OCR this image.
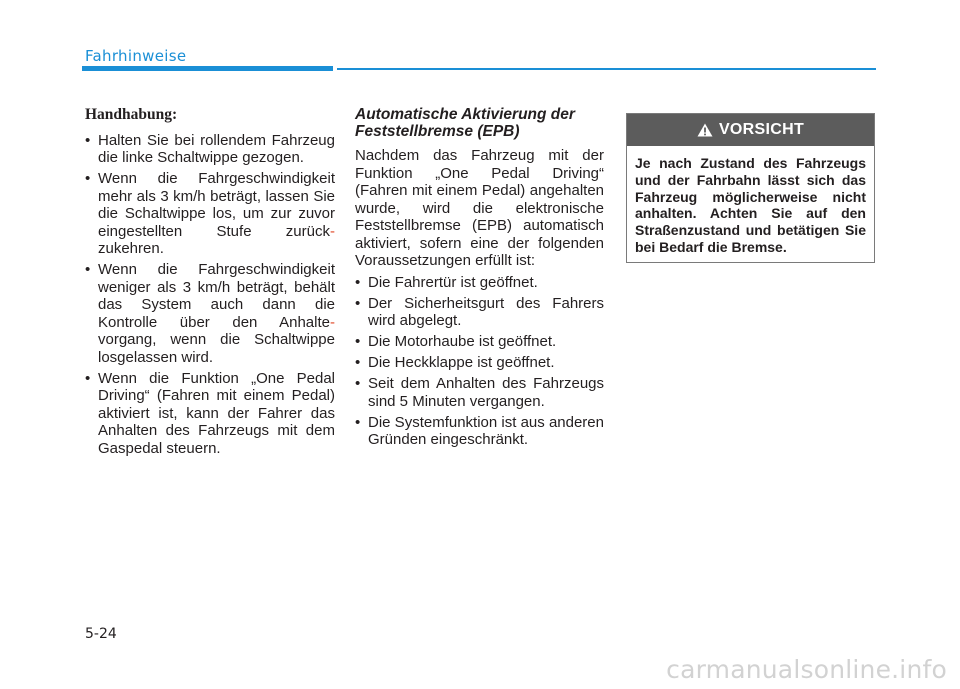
Fahrhinweise
Handhabung:
• Halten Sie bei rollendem Fahrzeug die linke Schaltwippe gezogen.
• Wenn die Fahrgeschwindigkeit mehr als 3 km/h beträgt, lassen Sie die Schaltwippe los, um zur zuvor eingestellten Stufe zurück- zukehren.
• Wenn die Fahrgeschwindigkeit weniger als 3 km/h beträgt, behält das System auch dann die Kontrolle über den Anhalte- vorgang, wenn die Schaltwippe losgelassen wird.
• Wenn die Funktion „One Pedal Driving“ (Fahren mit einem Pedal) aktiviert ist, kann der Fahrer das Anhalten des Fahrzeugs mit dem Gaspedal steuern.
Automatische Aktivierung der Feststellbremse (EPB)

Nachdem das Fahrzeug mit der Funktion „One Pedal Driving“ (Fahren mit einem Pedal) angehalten wurde, wird die elektronische Feststellbremse (EPB) automatisch aktiviert, sofern eine der folgenden Voraussetzungen erfüllt ist:

• Die Fahrertür ist geöffnet.
• Der Sicherheitsgurt des Fahrers wird abgelegt.
• Die Motorhaube ist geöffnet.
• Die Heckklappe ist geöffnet.
• Seit dem Anhalten des Fahrzeugs sind 5 Minuten vergangen.
• Die Systemfunktion ist aus anderen Gründen eingeschränkt.
VORSICHT
Je nach Zustand des Fahrzeugs und der Fahrbahn lässt sich das Fahrzeug möglicherweise nicht anhalten. Achten Sie auf den Straßenzustand und betätigen Sie bei Bedarf die Bremse.
5-24
carmanualsonline.info
